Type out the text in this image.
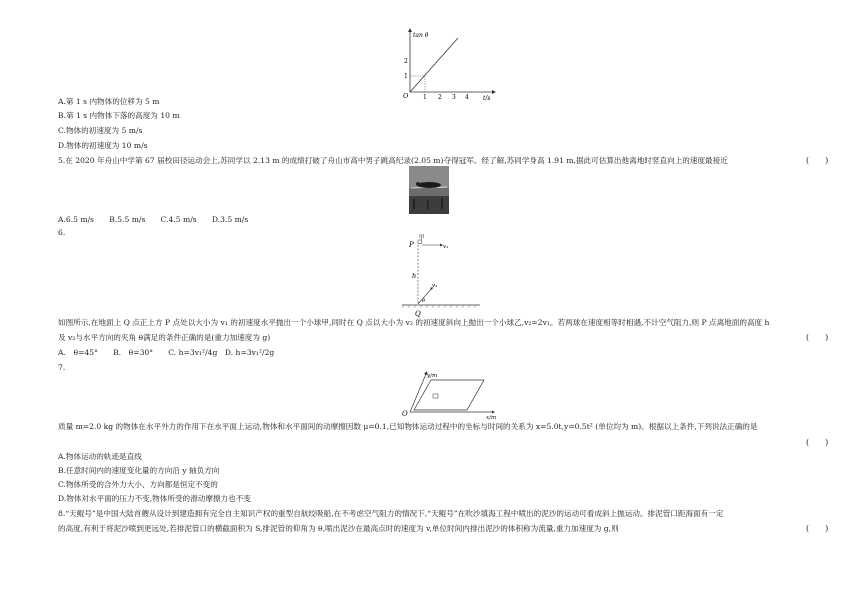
tan θ
t/s
O 1 2 3 4
1
2
A.第 1 s 内物体的位移为 5 m
B.第 1 s 内物体下落的高度为 10 m
C.物体的初速度为 5 m/s
D.物体的初速度为 10 m/s
5.在 2020 年舟山中学第 67 届校田径运动会上,苏同学以 2.13 m 的成绩打破了舟山市高中男子跳高纪录(2.05 m)夺得冠军。经了解,苏同学身高 1.91 m,据此可估算出他离地时竖直向上的速度最接近	(　　)
A.6.5 m/s　　B.5.5 m/s　　C.4.5 m/s　　D.3.5 m/s
6.
P
甲
v₁
h
v₂
θ
Q
如图所示,在地面上 Q 点正上方 P 点处以大小为 v₁ 的初速度水平抛出一个小球甲,同时在 Q 点以大小为 v₂ 的初速度斜向上抛出一个小球乙,v₂=2v₁。若两球在速度相等时相遇,不计空气阻力,则 P 点离地面的高度 h
及 v₂与水平方向的夹角 θ满足的条件正确的是(重力加速度为 g)	(　　)
A.　θ=45°　　B.　θ=30°　　C. h=3v₁²/4g　D. h=3v₁²/2g
7.
y/m
x/m
O
质量 m=2.0 kg 的物体在水平外力的作用下在水平面上运动,物体和水平面间的动摩擦因数 μ=0.1,已知物体运动过程中的坐标与时间的关系为 x=5.0t,y=0.5t² (单位均为 m)。根据以上条件,下列说法正确的是
(　　)
A.物体运动的轨迹是直线
B.任意时间内的速度变化量的方向沿 y 轴负方向
C.物体所受的合外力大小、方向都是恒定不变的
D.物体对水平面的压力不变,物体所受的滑动摩擦力也不变
8.“天鲲号”是中国大陆首艘从设计到建造拥有完全自主知识产权的重型自航绞吸船,在不考虑空气阻力的情况下,“天鲲号”在吹沙填海工程中喷出的泥沙的运动可看成斜上抛运动。排泥管口距海面有一定
的高度,有利于将泥沙喷到更远处,若排泥管口的横截面积为 S,排泥管的仰角为 θ,喷出泥沙在最高点时的速度为 v,单位时间内排出泥沙的体积称为流量,重力加速度为 g,则	(　　)
